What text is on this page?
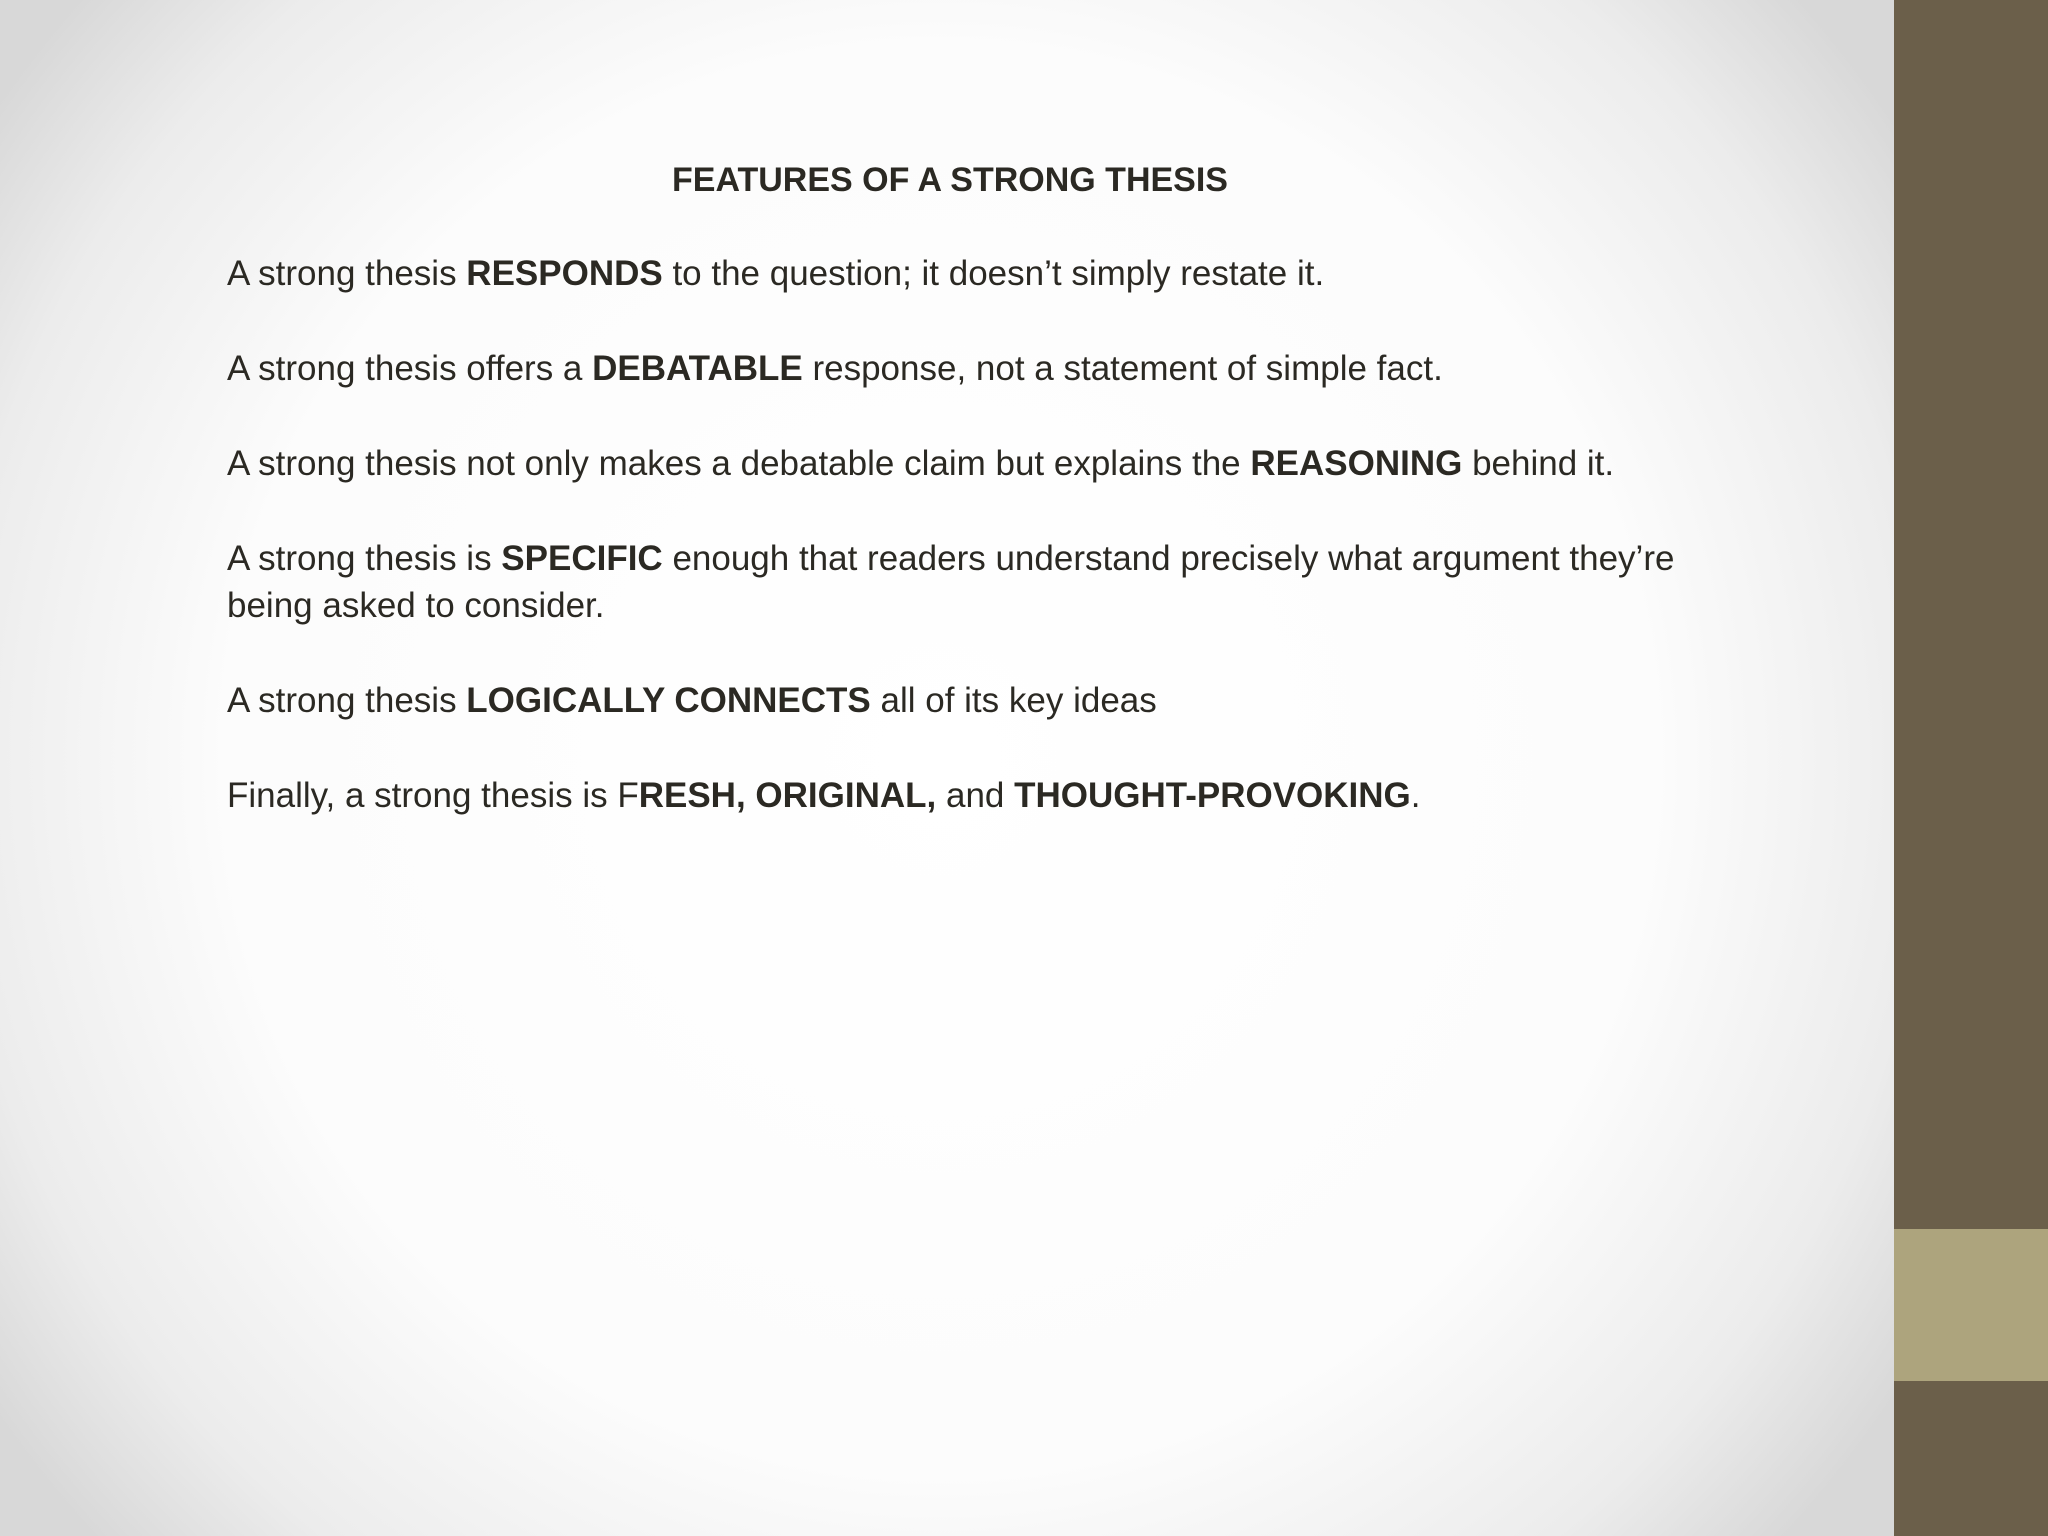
FEATURES OF A STRONG THESIS
A strong thesis RESPONDS to the question; it doesn’t simply restate it.
A strong thesis offers a DEBATABLE response, not a statement of simple fact.
A strong thesis not only makes a debatable claim but explains the REASONING behind it.
A strong thesis is SPECIFIC enough that readers understand precisely what argument they’re being asked to consider.
A strong thesis LOGICALLY CONNECTS all of its key ideas
Finally, a strong thesis is FRESH, ORIGINAL, and THOUGHT-PROVOKING.
